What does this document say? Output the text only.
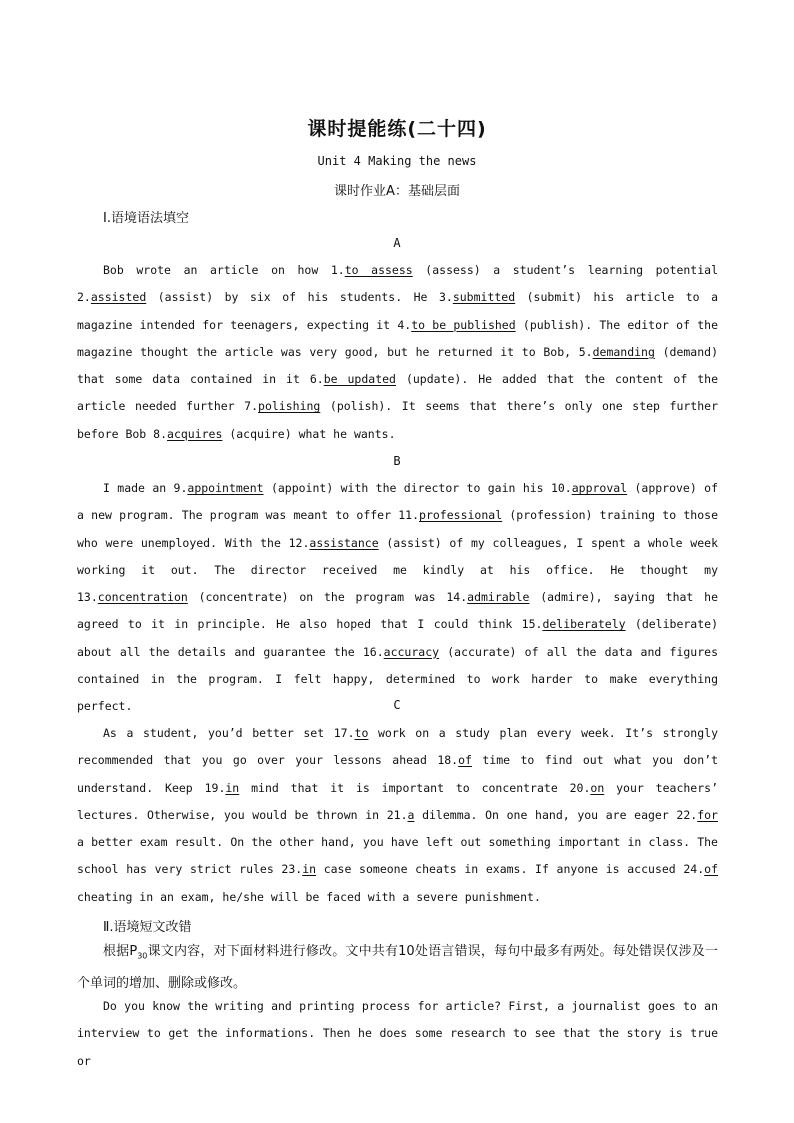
课时提能练(二十四)
Unit 4 Making the news
课时作业A：基础层面
Ⅰ.语境语法填空
A

Bob wrote an article on how 1.to assess (assess) a student’s learning potential 2.assisted (assist) by six of his students. He 3.submitted (submit) his article to a magazine intended for teenagers, expecting it 4.to be published (publish). The editor of the magazine thought the article was very good, but he returned it to Bob, 5.demanding (demand) that some data contained in it 6.be updated (update). He added that the content of the article needed further 7.polishing (polish). It seems that there’s only one step further before Bob 8.acquires (acquire) what he wants.

B

I made an 9.appointment (appoint) with the director to gain his 10.approval (approve) of a new program. The program was meant to offer 11.professional (profession) training to those who were unemployed. With the 12.assistance (assist) of my colleagues, I spent a whole week working it out. The director received me kindly at his office. He thought my 13.concentration (concentrate) on the program was 14.admirable (admire), saying that he agreed to it in principle. He also hoped that I could think 15.deliberately (deliberate) about all the details and guarantee the 16.accuracy (accurate) of all the data and figures contained in the program. I felt happy, determined to work harder to make everything perfect.	C

As a student, you’d better set 17.to work on a study plan every week. It’s strongly recommended that you go over your lessons ahead 18.of time to find out what you don’t understand. Keep 19.in mind that it is important to concentrate 20.on your teachers’ lectures. Otherwise, you would be thrown in 21.a dilemma. On one hand, you are eager 22.for a better exam result. On the other hand, you have left out something important in class. The school has very strict rules 23.in case someone cheats in exams. If anyone is accused 24.of cheating in an exam, he/she will be faced with a severe punishment.

Ⅱ.语境短文改错

根据$P_{30}$课文内容，对下面材料进行修改。文中共有10处语言错误，每句中最多有两处。每处错误仅涉及一个单词的增加、删除或修改。

Do you know the writing and printing process for article? First, a journalist goes to an interview to get the informations. Then he does some research to see that the story is true or
